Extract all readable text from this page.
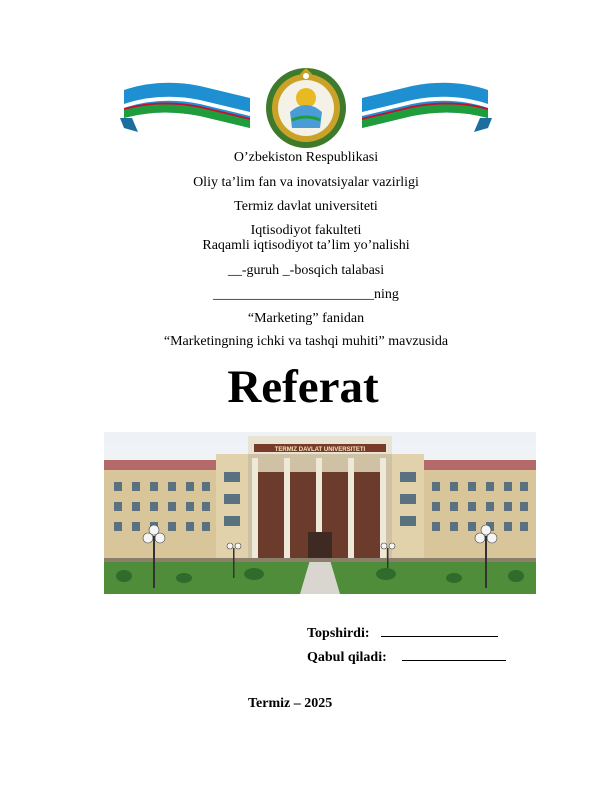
O’zbekiston Respublikasi
Oliy ta’lim fan va inovatsiyalar vazirligi
Termiz davlat universiteti
Iqtisodiyot fakulteti
Raqamli iqtisodiyot ta’lim yo’nalishi
__-guruh _-bosqich talabasi
_______________________ning
“Marketing” fanidan
“Marketingning ichki va tashqi muhiti” mavzusida
Referat
TERMIZ DAVLAT UNIVERSITETI
Topshirdi:
Qabul qiladi:
Termiz – 2025
